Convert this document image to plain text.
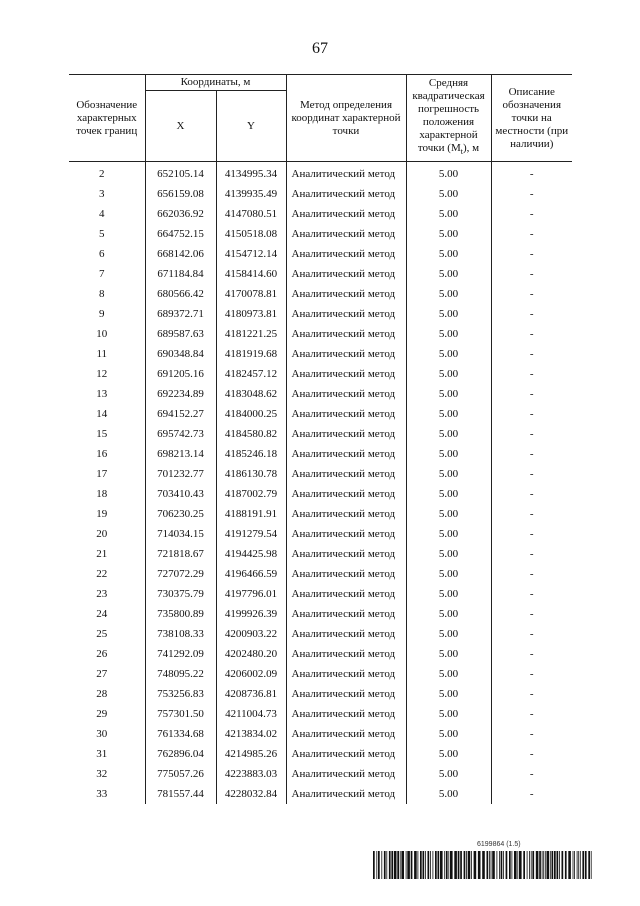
67
Обозначение характерных точек границ	Координаты, м		Метод определения координат характерной точки	Средняя квадратическая погрешность положения характерной точки $(M_t)$, м	Описание обозначения точки на местности (при наличии)
	X	Y			

2	652105.14	4134995.34	Аналитический метод	5.00	-
3	656159.08	4139935.49	Аналитический метод	5.00	-
4	662036.92	4147080.51	Аналитический метод	5.00	-
5	664752.15	4150518.08	Аналитический метод	5.00	-
6	668142.06	4154712.14	Аналитический метод	5.00	-
7	671184.84	4158414.60	Аналитический метод	5.00	-
8	680566.42	4170078.81	Аналитический метод	5.00	-
9	689372.71	4180973.81	Аналитический метод	5.00	-
10	689587.63	4181221.25	Аналитический метод	5.00	-
11	690348.84	4181919.68	Аналитический метод	5.00	-
12	691205.16	4182457.12	Аналитический метод	5.00	-
13	692234.89	4183048.62	Аналитический метод	5.00	-
14	694152.27	4184000.25	Аналитический метод	5.00	-
15	695742.73	4184580.82	Аналитический метод	5.00	-
16	698213.14	4185246.18	Аналитический метод	5.00	-
17	701232.77	4186130.78	Аналитический метод	5.00	-
18	703410.43	4187002.79	Аналитический метод	5.00	-
19	706230.25	4188191.91	Аналитический метод	5.00	-
20	714034.15	4191279.54	Аналитический метод	5.00	-
21	721818.67	4194425.98	Аналитический метод	5.00	-
22	727072.29	4196466.59	Аналитический метод	5.00	-
23	730375.79	4197796.01	Аналитический метод	5.00	-
24	735800.89	4199926.39	Аналитический метод	5.00	-
25	738108.33	4200903.22	Аналитический метод	5.00	-
26	741292.09	4202480.20	Аналитический метод	5.00	-
27	748095.22	4206002.09	Аналитический метод	5.00	-
28	753256.83	4208736.81	Аналитический метод	5.00	-
29	757301.50	4211004.73	Аналитический метод	5.00	-
30	761334.68	4213834.02	Аналитический метод	5.00	-
31	762896.04	4214985.26	Аналитический метод	5.00	-
32	775057.26	4223883.03	Аналитический метод	5.00	-
33	781557.44	4228032.84	Аналитический метод	5.00	-
6199864 (1.5)
